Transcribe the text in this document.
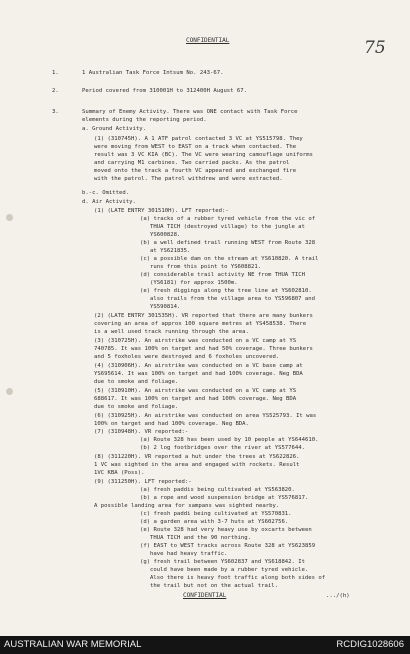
CONFIDENTIAL	75
1.	1 Australian Task Force Intsum No. 243-67.
2.	Period covered from 310001H to 312400H August 67.
3.	Summary of Enemy Activity. There was ONE contact with Task Force
elements during the reporting period.
a. Ground Activity.
(1) (310745H). A 1 ATF patrol contacted 3 VC at YS515798. They
were moving from WEST to EAST on a track when contacted. The
result was 3 VC KIA (BC). The VC were wearing camouflage uniforms
and carrying M1 carbines. Two carried packs. As the patrol
moved onto the track a fourth VC appeared and exchanged fire
with the patrol. The patrol withdrew and were extracted.
b.-c. Omitted.
d. Air Activity.
(1) (LATE ENTRY 301510H). LFT reported:-
(a) tracks of a rubber tyred vehicle from the vic of
THUA TICH (destroyed village) to the jungle at
YS600828.
(b) a well defined trail running WEST from Route 328
at YS621835.
(c) a possible dam on the stream at YS610820. A trail
runs from this point to YS608821.
(d) considerable trail activity NE from THUA TICH
(YS6181) for approx 1500m.
(e) fresh diggings along the tree line at YS602810.
also trails from the village area to YS596807 and
YS590814.
(2) (LATE ENTRY 301535H). VR reported that there are many bunkers
covering an area of approx 100 square metres at YS458538. There
is a well used track running through the area.
(3) (310725H). An airstrike was conducted on a VC camp at YS
740785. It was 100% on target and had 50% coverage. Three bunkers
and 5 foxholes were destroyed and 6 foxholes uncovered.
(4) (310906H). An airstrike was conducted on a VC base camp at
YS695614. It was 100% on target and had 100% coverage. Neg BDA
due to smoke and foliage.
(5) (310910H). An airstrike was conducted on a VC camp at YS
688617. It was 100% on target and had 100% coverage. Neg BDA
due to smoke and foliage.
(6) (310925H). An airstrike was conducted on area YS525793. It was
100% on target and had 100% coverage. Neg BDA.
(7) (310948H). VR reported:-
(a) Route 328 has been used by 10 people at YS644610.
(b) 2 log footbridges over the river at YS577644.
(8) (311220H). VR reported a hut under the trees at YS622826.
1 VC was sighted in the area and engaged with rockets. Result
1VC KBA (Poss).
(9) (311250H). LFT reported:-
(a) fresh paddis being cultivated at YS563820.
(b) a rope and wood suspension bridge at YS576817.
A possible landing area for sampans was sighted nearby.
(c) fresh paddi being cultivated at YS570831.
(d) a garden area with 3-7 huts at YS602756.
(e) Route 328 had very heavy use by oxcarts between
THUA TICH and the 90 northing.
(f) EAST to WEST tracks across Route 328 at YS623859
have had heavy traffic.
(g) fresh trail between YS602837 and YS618842. It
could have been made by a rubber tyred vehicle.
Also there is heavy foot traffic along both sides of
the trail but not on the actual trail.
CONFIDENTIAL	.../(h)
AUSTRALIAN WAR MEMORIAL	RCDIG1028606
